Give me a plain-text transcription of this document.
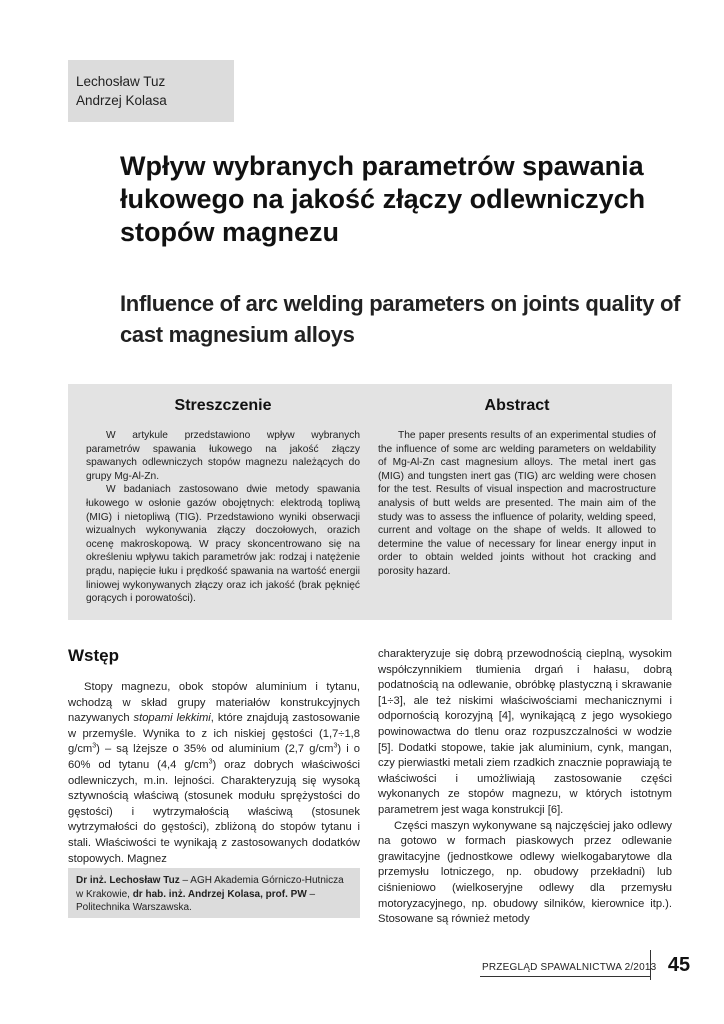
Lechosław Tuz
Andrzej Kolasa
Wpływ wybranych parametrów spawania łukowego na jakość złączy odlewniczych stopów magnezu
Influence of arc welding parameters on joints quality of cast magnesium alloys
Streszczenie

W artykule przedstawiono wpływ wybranych parametrów spawania łukowego na jakość złączy spawanych odlewniczych stopów magnezu należących do grupy Mg-Al-Zn.

W badaniach zastosowano dwie metody spawania łukowego w osłonie gazów obojętnych: elektrodą topliwą (MIG) i nietopliwą (TIG). Przedstawiono wyniki obserwacji wizualnych wykonywania złączy doczołowych, orazich ocenę makroskopową. W pracy skoncentrowano się na określeniu wpływu takich parametrów jak: rodzaj i natężenie prądu, napięcie łuku i prędkość spawania na wartość energii liniowej wykonywanych złączy oraz ich jakość (brak pęknięć gorących i porowatości).

Abstract

The paper presents results of an experimental studies of the influence of some arc welding parameters on weldability of Mg-Al-Zn cast magnesium alloys. The metal inert gas (MIG) and tungsten inert gas (TIG) arc welding were chosen for the test. Results of visual inspection and macrostructure analysis of butt welds are presented. The main aim of the study was to assess the influence of polarity, welding speed, current and voltage on the shape of welds. It allowed to determine the value of necessary for linear energy input in order to obtain welded joints without hot cracking and porosity hazard.

Wstęp

Stopy magnezu, obok stopów aluminium i tytanu, wchodzą w skład grupy materiałów konstrukcyjnych nazywanych stopami lekkimi, które znajdują zastosowanie w przemyśle. Wynika to z ich niskiej gęstości (1,7÷1,8 $g/cm^3$) – są lżejsze o 35% od aluminium (2,7 $g/cm^3$) i o 60% od tytanu (4,4 $g/cm^3$) oraz dobrych właściwości odlewniczych, m.in. lejności. Charakteryzują się wysoką sztywnością właściwą (stosunek modułu sprężystości do gęstości) i wytrzymałością właściwą (stosunek wytrzymałości do gęstości), zbliżoną do stopów tytanu i stali. Właściwości te wynikają z zastosowanych dodatków stopowych. Magnez

Dr inż. Lechosław Tuz – AGH Akademia Górniczo-Hutnicza w Krakowie, dr hab. inż. Andrzej Kolasa, prof. PW – Politechnika Warszawska.

charakteryzuje się dobrą przewodnością cieplną, wysokim współczynnikiem tłumienia drgań i hałasu, dobrą podatnością na odlewanie, obróbkę plastyczną i skrawanie [1÷3], ale też niskimi właściwościami mechanicznymi i odpornością korozyjną [4], wynikającą z jego wysokiego powinowactwa do tlenu oraz rozpuszczalności w wodzie [5]. Dodatki stopowe, takie jak aluminium, cynk, mangan, czy pierwiastki metali ziem rzadkich znacznie poprawiają te właściwości i umożliwiają zastosowanie części wykonanych ze stopów magnezu, w których istotnym parametrem jest waga konstrukcji [6].

Części maszyn wykonywane są najczęściej jako odlewy na gotowo w formach piaskowych przez odlewanie grawitacyjne (jednostkowe odlewy wielkogabarytowe dla przemysłu lotniczego, np. obudowy przekładni) lub ciśnieniowo (wielkoseryjne odlewy dla przemysłu motoryzacyjnego, np. obudowy silników, kierownice itp.). Stosowane są również metody

PRZEGLĄD SPAWALNICTWA 2/2013 45
